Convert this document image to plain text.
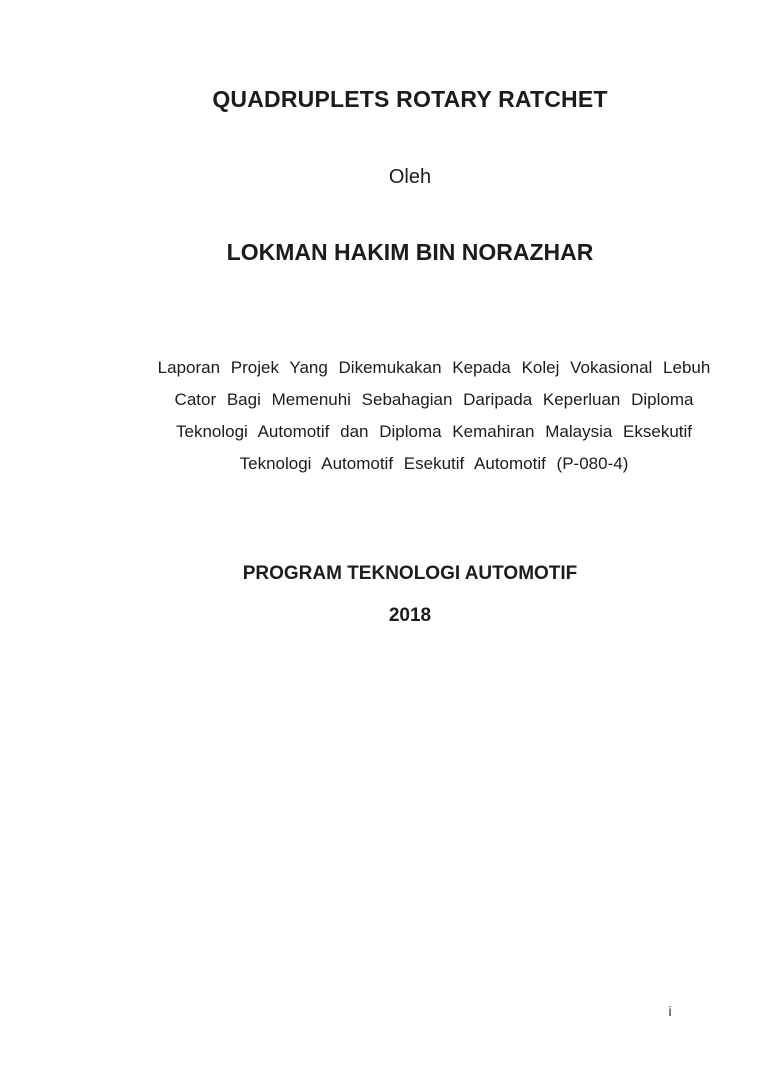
QUADRUPLETS ROTARY RATCHET
Oleh
LOKMAN HAKIM BIN NORAZHAR
Laporan Projek Yang Dikemukakan Kepada Kolej Vokasional Lebuh
Cator Bagi Memenuhi Sebahagian Daripada Keperluan Diploma
Teknologi Automotif dan Diploma Kemahiran Malaysia Eksekutif
Teknologi Automotif Esekutif Automotif (P-080-4)
PROGRAM TEKNOLOGI AUTOMOTIF
2018
i
